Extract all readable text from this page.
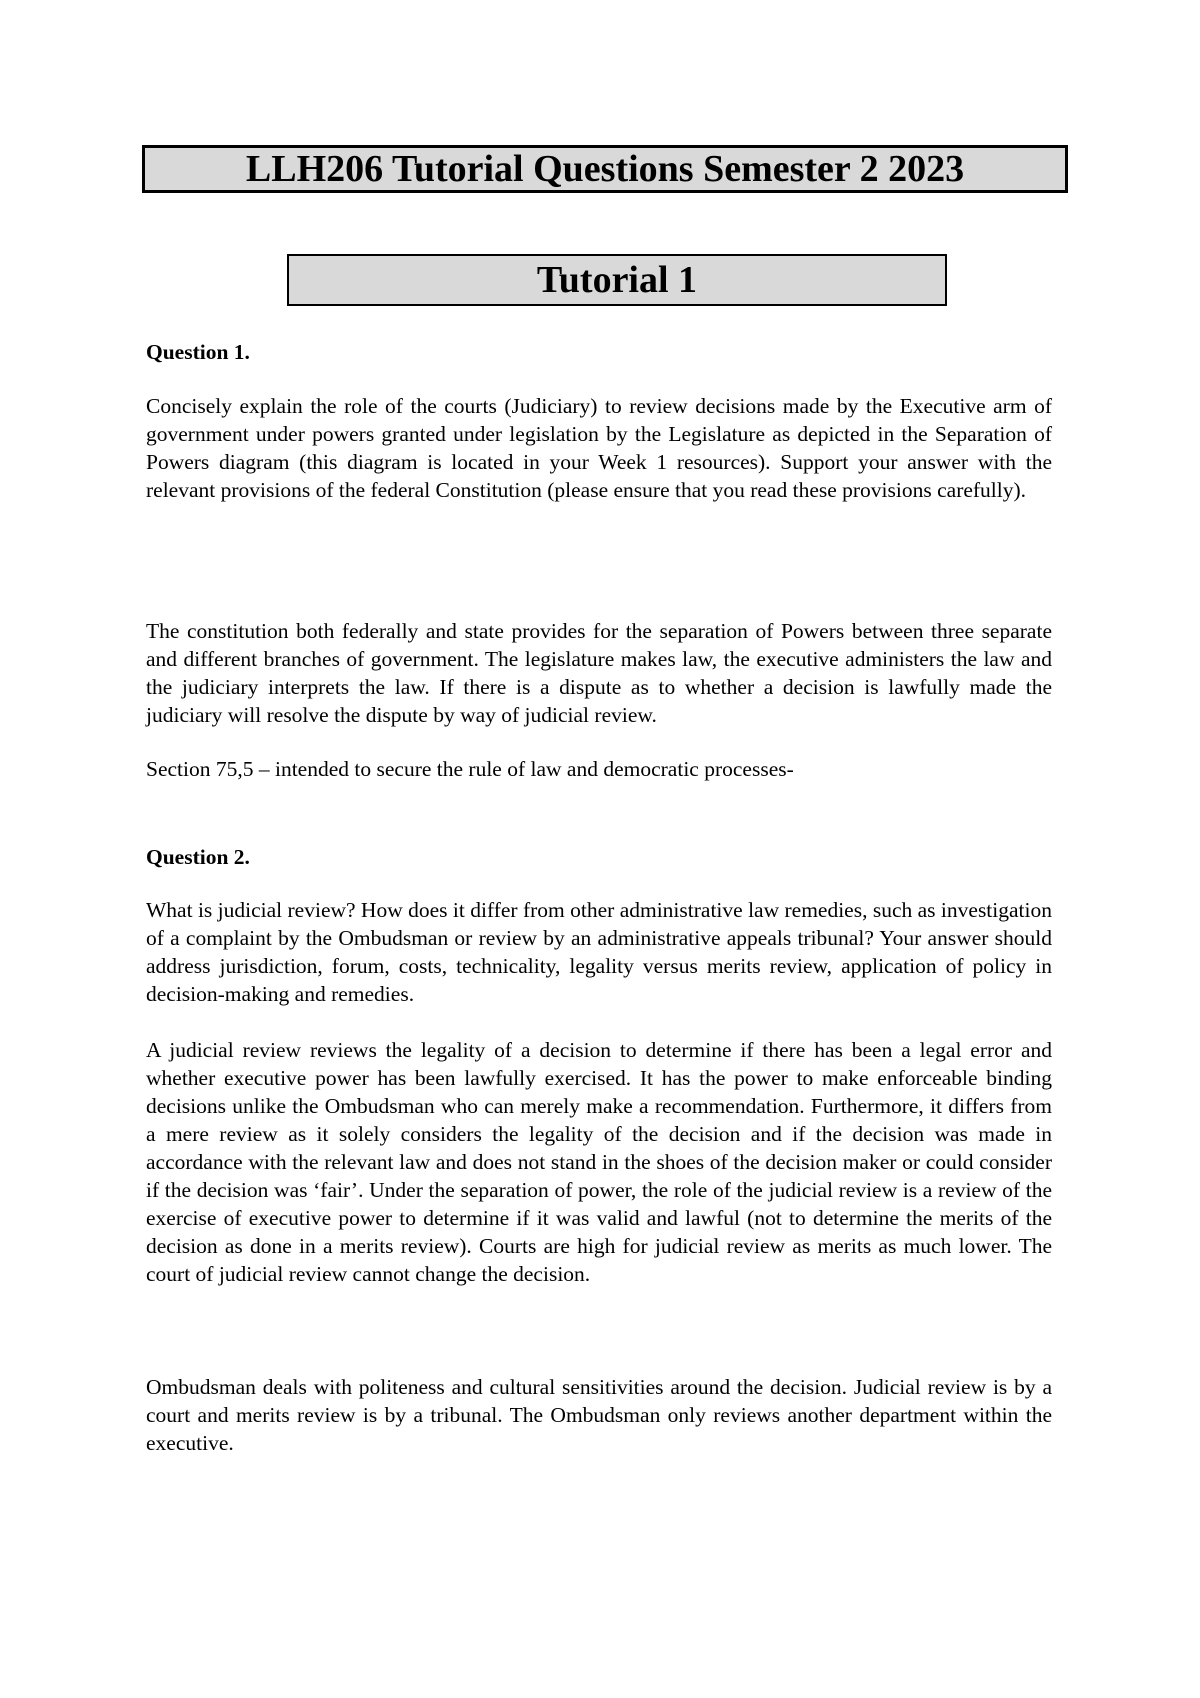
LLH206 Tutorial Questions Semester 2 2023
Tutorial 1

Question 1.

Concisely explain the role of the courts (Judiciary) to review decisions made by the Executive arm of government under powers granted under legislation by the Legislature as depicted in the Separation of Powers diagram (this diagram is located in your Week 1 resources). Support your answer with the relevant provisions of the federal Constitution (please ensure that you read these provisions carefully).

The constitution both federally and state provides for the separation of Powers between three separate and different branches of government. The legislature makes law, the executive administers the law and the judiciary interprets the law. If there is a dispute as to whether a decision is lawfully made the judiciary will resolve the dispute by way of judicial review.

Section 75,5 – intended to secure the rule of law and democratic processes-

Question 2.

What is judicial review? How does it differ from other administrative law remedies, such as investigation of a complaint by the Ombudsman or review by an administrative appeals tribunal? Your answer should address jurisdiction, forum, costs, technicality, legality versus merits review, application of policy in decision-making and remedies.

A judicial review reviews the legality of a decision to determine if there has been a legal error and whether executive power has been lawfully exercised. It has the power to make enforceable binding decisions unlike the Ombudsman who can merely make a recommendation. Furthermore, it differs from a mere review as it solely considers the legality of the decision and if the decision was made in accordance with the relevant law and does not stand in the shoes of the decision maker or could consider if the decision was ‘fair’. Under the separation of power, the role of the judicial review is a review of the exercise of executive power to determine if it was valid and lawful (not to determine the merits of the decision as done in a merits review). Courts are high for judicial review as merits as much lower. The court of judicial review cannot change the decision.

Ombudsman deals with politeness and cultural sensitivities around the decision. Judicial review is by a court and merits review is by a tribunal. The Ombudsman only reviews another department within the executive.
